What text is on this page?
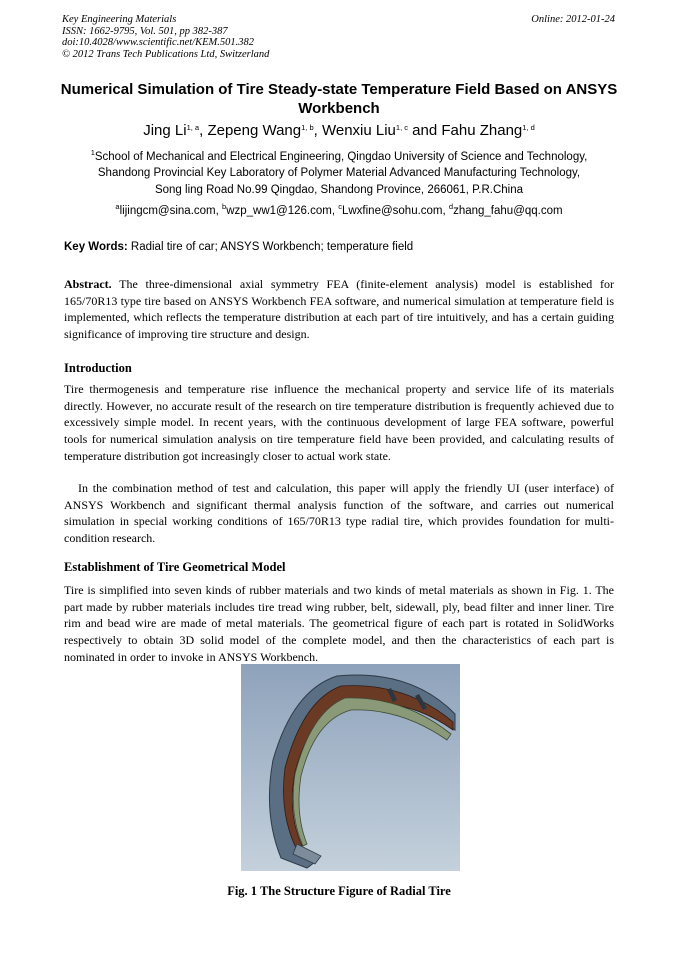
Key Engineering Materials
ISSN: 1662-9795, Vol. 501, pp 382-387
doi:10.4028/www.scientific.net/KEM.501.382
© 2012 Trans Tech Publications Ltd, Switzerland
Online: 2012-01-24
Numerical Simulation of Tire Steady-state Temperature Field Based on ANSYS Workbench
Jing Li$^{1, a}$, Zepeng Wang$^{1, b}$, Wenxiu Liu$^{1, c}$ and Fahu Zhang$^{1, d}$
$^1$School of Mechanical and Electrical Engineering, Qingdao University of Science and Technology,
Shandong Provincial Key Laboratory of Polymer Material Advanced Manufacturing Technology,
Song ling Road No.99 Qingdao, Shandong Province, 266061, P.R.China
$^a$lijingcm@sina.com, $^b$wzp_ww1@126.com, $^c$Lwxfine@sohu.com, $^d$zhang_fahu@qq.com
Key Words: Radial tire of car; ANSYS Workbench; temperature field
Abstract. The three-dimensional axial symmetry FEA (finite-element analysis) model is established for 165/70R13 type tire based on ANSYS Workbench FEA software, and numerical simulation at temperature field is implemented, which reflects the temperature distribution at each part of tire intuitively, and has a certain guiding significance of improving tire structure and design.
Introduction
Tire thermogenesis and temperature rise influence the mechanical property and service life of its materials directly. However, no accurate result of the research on tire temperature distribution is frequently achieved due to excessively simple model. In recent years, with the continuous development of large FEA software, powerful tools for numerical simulation analysis on tire temperature field have been provided, and calculating results of temperature distribution got increasingly closer to actual work state.
In the combination method of test and calculation, this paper will apply the friendly UI (user interface) of ANSYS Workbench and significant thermal analysis function of the software, and carries out numerical simulation in special working conditions of 165/70R13 type radial tire, which provides foundation for multi-condition research.
Establishment of Tire Geometrical Model
Tire is simplified into seven kinds of rubber materials and two kinds of metal materials as shown in Fig. 1. The part made by rubber materials includes tire tread wing rubber, belt, sidewall, ply, bead filter and inner liner. Tire rim and bead wire are made of metal materials. The geometrical figure of each part is rotated in SolidWorks respectively to obtain 3D solid model of the complete model, and then the characteristics of each part is nominated in order to invoke in ANSYS Workbench.
Fig. 1 The Structure Figure of Radial Tire
